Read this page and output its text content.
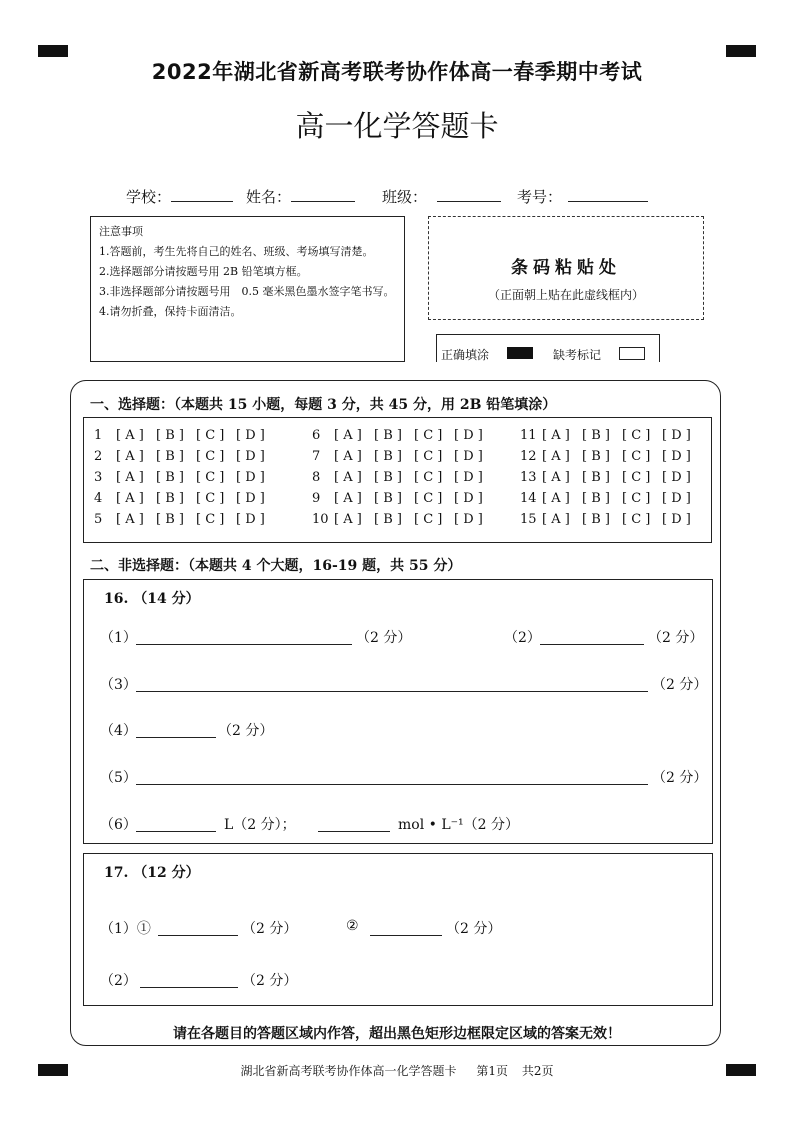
2022年湖北省新高考联考协作体高一春季期中考试
高一化学答题卡
学校：	姓名：	班级：	考号：
注意事项
1.答题前，考生先将自己的姓名、班级、考场填写清楚。
2.选择题部分请按题号用 2B 铅笔填方框。
3.非选择题部分请按题号用　0.5 毫米黑色墨水签字笔书写。
4.请勿折叠，保持卡面清洁。
条码粘贴处
（正面朝上贴在此虚线框内）
正确填涂	缺考标记
一、选择题：（本题共 15 小题，每题 3 分，共 45 分，用 2B 铅笔填涂）
1	[ A ] [ B ] [ C ] [ D ]
2	[ A ] [ B ] [ C ] [ D ]
3	[ A ] [ B ] [ C ] [ D ]
4	[ A ] [ B ] [ C ] [ D ]
5	[ A ] [ B ] [ C ] [ D ]
6	[ A ] [ B ] [ C ] [ D ]
7	[ A ] [ B ] [ C ] [ D ]
8	[ A ] [ B ] [ C ] [ D ]
9	[ A ] [ B ] [ C ] [ D ]
10 [ A ] [ B ] [ C ] [ D ]
11 [ A ] [ B ] [ C ] [ D ]
12 [ A ] [ B ] [ C ] [ D ]
13 [ A ] [ B ] [ C ] [ D ]
14 [ A ] [ B ] [ C ] [ D ]
15 [ A ] [ B ] [ C ] [ D ]
二、非选择题：（本题共 4 个大题，16-19 题，共 55 分）
16. （14 分）
（1）	（2 分）	（2）	（2 分）
（3）	（2 分）
（4）	（2 分）
（5）	（2 分）
（6）	L（2 分）；	mol • L⁻¹（2 分）
17. （12 分）
（1）①	（2 分）	②	（2 分）
（2）	（2 分）
请在各题目的答题区域内作答，超出黑色矩形边框限定区域的答案无效！
湖北省新高考联考协作体高一化学答题卡 第1页 共2页
